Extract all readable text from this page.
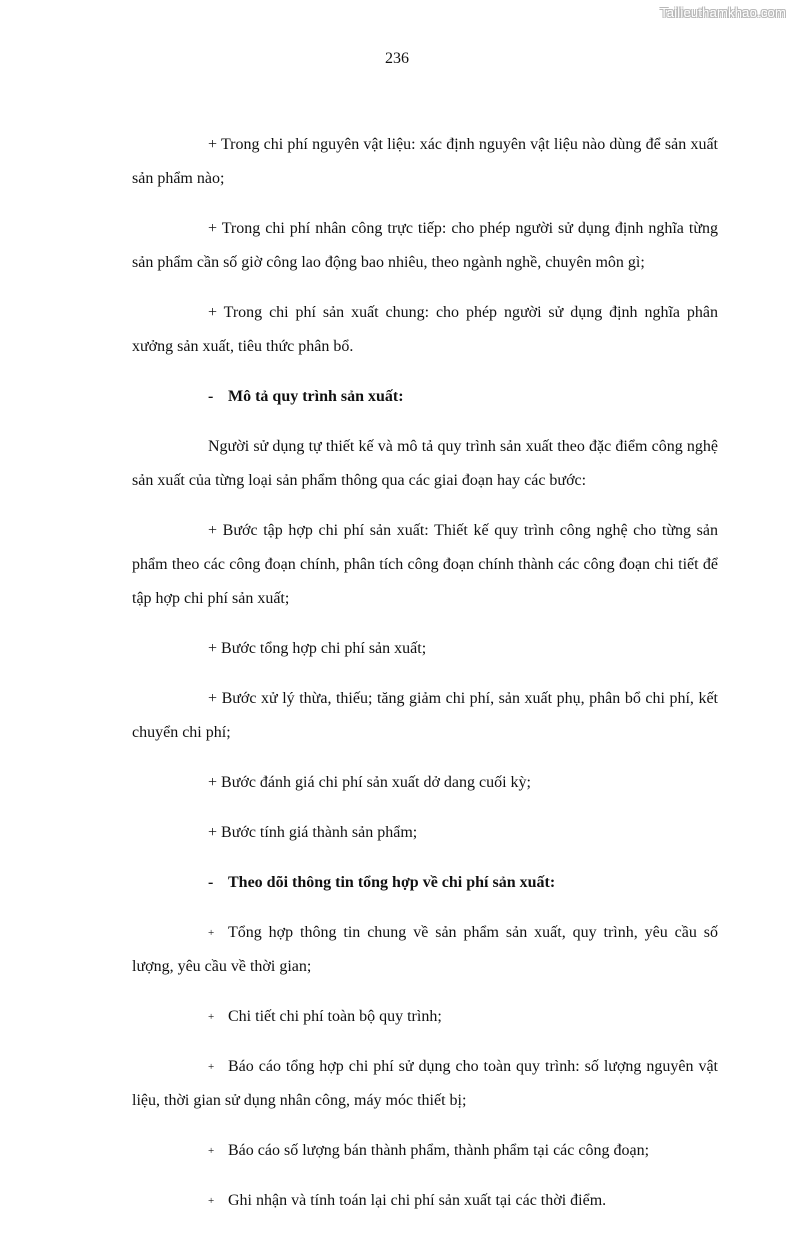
Tailieuthamkhao.com
236

+ Trong chi phí nguyên vật liệu: xác định nguyên vật liệu nào dùng để sản xuất sản phẩm nào;

+ Trong chi phí nhân công trực tiếp: cho phép người sử dụng định nghĩa từng sản phẩm cần số giờ công lao động bao nhiêu, theo ngành nghề, chuyên môn gì;

+ Trong chi phí sản xuất chung: cho phép người sử dụng định nghĩa phân xưởng sản xuất, tiêu thức phân bổ.

- Mô tả quy trình sản xuất:

Người sử dụng tự thiết kế và mô tả quy trình sản xuất theo đặc điểm công nghệ sản xuất của từng loại sản phẩm thông qua các giai đoạn hay các bước:

+ Bước tập hợp chi phí sản xuất: Thiết kế quy trình công nghệ cho từng sản phẩm theo các công đoạn chính, phân tích công đoạn chính thành các công đoạn chi tiết để tập hợp chi phí sản xuất;

+ Bước tổng hợp chi phí sản xuất;

+ Bước xử lý thừa, thiếu; tăng giảm chi phí, sản xuất phụ, phân bổ chi phí, kết chuyển chi phí;

+ Bước đánh giá chi phí sản xuất dở dang cuối kỳ;

+ Bước tính giá thành sản phẩm;

- Theo dõi thông tin tổng hợp về chi phí sản xuất:

+ Tổng hợp thông tin chung về sản phẩm sản xuất, quy trình, yêu cầu số lượng, yêu cầu về thời gian;

+ Chi tiết chi phí toàn bộ quy trình;

+ Báo cáo tổng hợp chi phí sử dụng cho toàn quy trình: số lượng nguyên vật liệu, thời gian sử dụng nhân công, máy móc thiết bị;

+ Báo cáo số lượng bán thành phẩm, thành phẩm tại các công đoạn;

+ Ghi nhận và tính toán lại chi phí sản xuất tại các thời điểm.
